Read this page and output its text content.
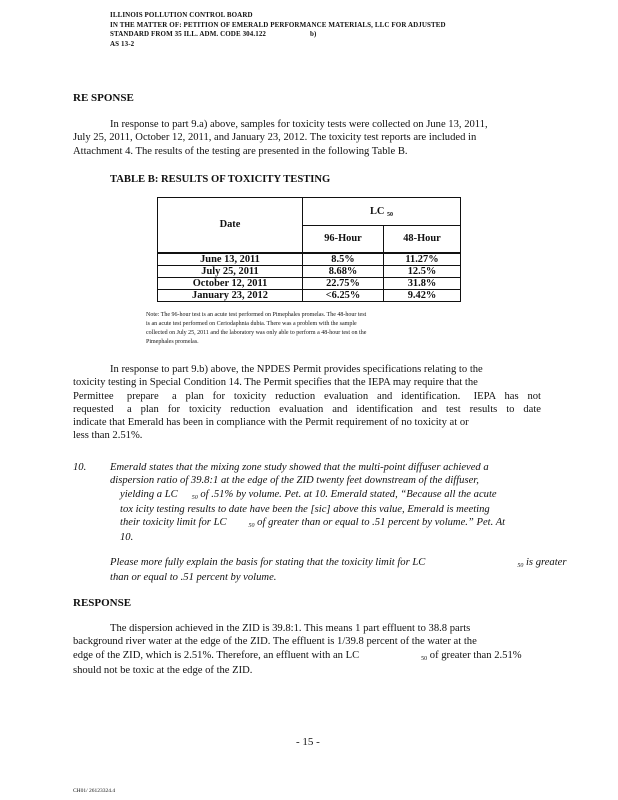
ILLINOIS POLLUTION CONTROL BOARD
IN THE MATTER OF: PETITION OF EMERALD PERFORMANCE MATERIALS, LLC FOR ADJUSTED
STANDARD FROM 35 ILL. ADM. CODE 304.122	b)
AS 13-2
RE SPONSE
In response to part 9.a) above, samples for toxicity tests were collected on June 13, 2011,
July 25, 2011, October 12, 2011, and January 23, 2012. The toxicity test reports are included in
Attachment 4. The results of the testing are presented in the following Table B.
TABLE B: RESULTS OF TOXICITY TESTING
Date	LC 50	
	96-Hour	48-Hour
June 13, 2011	8.5%	11.27%
July 25, 2011	8.68%	12.5%
October 12, 2011	22.75%	31.8%
January 23, 2012	<6.25%	9.42%
Note: The 96-hour test is an acute test performed on Pimephales promelas. The 48-hour test
is an acute test performed on Ceriodaphnia dubia. There was a problem with the sample
collected on July 25, 2011 and the laboratory was only able to perform a 48-hour test on the
Pimephales promelas.
In response to part 9.b) above, the NPDES Permit provides specifications relating to the
toxicity testing in Special Condition 14. The Permit specifies that the IEPA may require that the
Permittee   prepare   a  plan  for  toxicity  reduction  evaluation  and  identification.   IEPA  has  not
requested   a  plan  for  toxicity  reduction  evaluation  and  identification  and  test  results  to  date
indicate that Emerald has been in compliance with the Permit requirement of no toxicity at or
less than 2.51%.
10. Emerald states that the mixing zone study showed that the multi-point diffuser achieved a
dispersion ratio of 39.8:1 at the edge of the ZID twenty feet downstream of the diffuser,
yielding a LC 50 of .51% by volume. Pet. at 10. Emerald stated, “Because all the acute
tox icity testing results to date have been the [sic] above this value, Emerald is meeting
their toxicity limit for LC	50 of greater than or equal to .51 percent by volume.” Pet. At
10.
Please more fully explain the basis for stating that the toxicity limit for LC	50 is greater
than or equal to .51 percent by volume.
RESPONSE
The dispersion achieved in the ZID is 39.8:1. This means 1 part effluent to 38.8 parts
background river water at the edge of the ZID. The effluent is 1/39.8 percent of the water at the
edge of the ZID, which is 2.51%. Therefore, an effluent with an LC	50 of greater than 2.51%
should not be toxic at the edge of the ZID.
- 15 -
CH01/ 26123324.4
